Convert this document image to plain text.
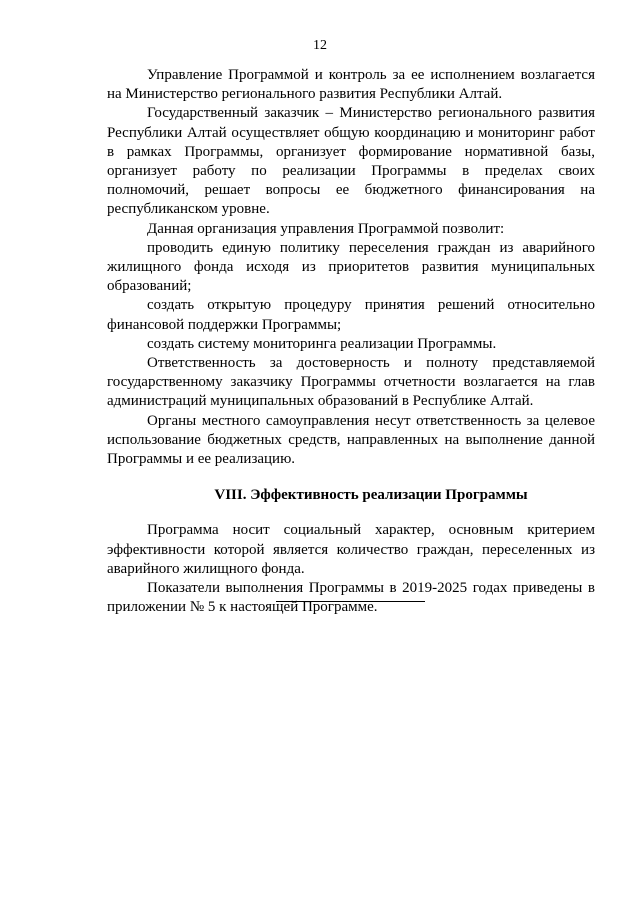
12

Управление Программой и контроль за ее исполнением возлагается на Министерство регионального развития Республики Алтай.

Государственный заказчик – Министерство регионального развития Республики Алтай осуществляет общую координацию и мониторинг работ в рамках Программы, организует формирование нормативной базы, организует работу по реализации Программы в пределах своих полномочий, решает вопросы ее бюджетного финансирования на республиканском уровне.

Данная организация управления Программой позволит:

проводить единую политику переселения граждан из аварийного жилищного фонда исходя из приоритетов развития муниципальных образований;

создать открытую процедуру принятия решений относительно финансовой поддержки Программы;

создать систему мониторинга реализации Программы.

Ответственность за достоверность и полноту представляемой государственному заказчику Программы отчетности возлагается на глав администраций муниципальных образований в Республике Алтай.

Органы местного самоуправления несут ответственность за целевое использование бюджетных средств, направленных на выполнение данной Программы и ее реализацию.

VIII. Эффективность реализации Программы

Программа носит социальный характер, основным критерием эффективности которой является количество граждан, переселенных из аварийного жилищного фонда.

Показатели выполнения Программы в 2019-2025 годах приведены в приложении № 5 к настоящей Программе.
